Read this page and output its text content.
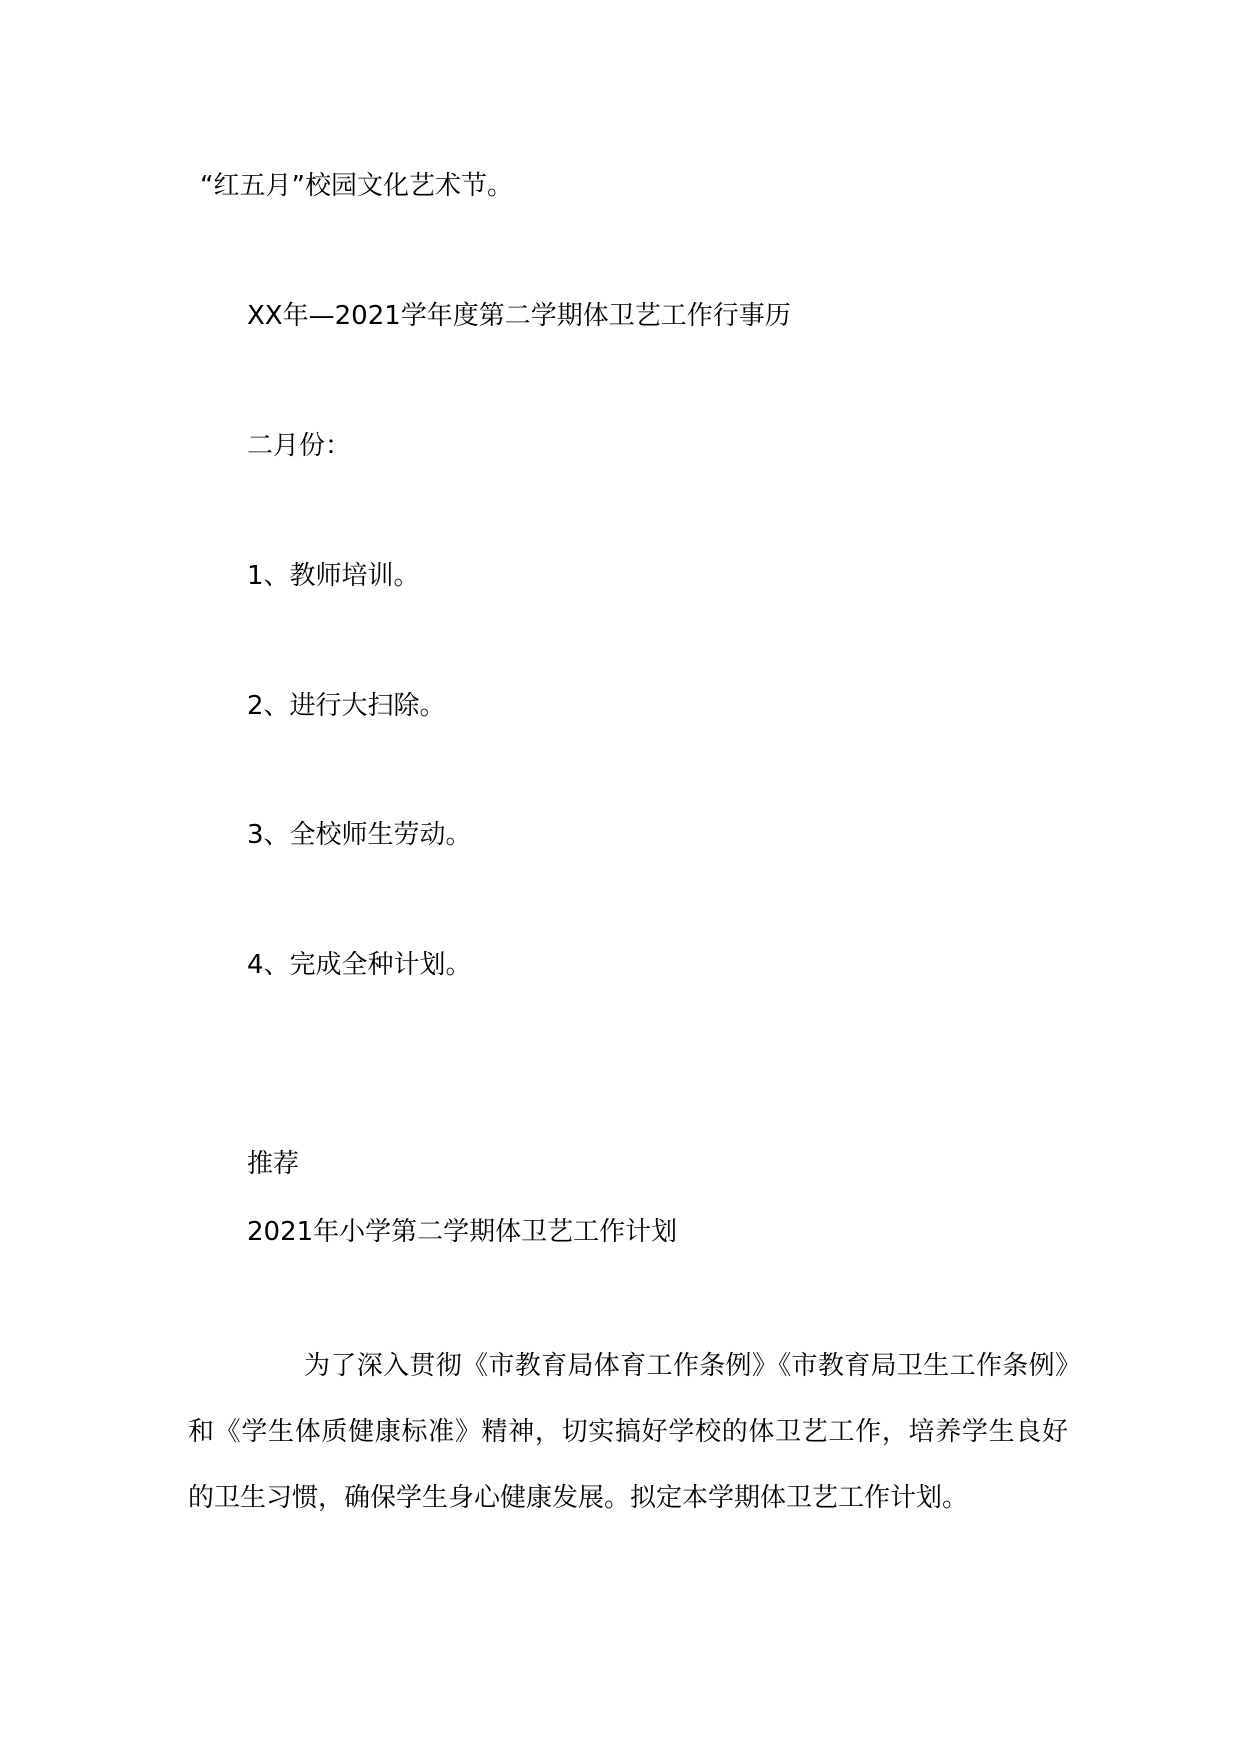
“红五月”校园文化艺术节。

XX年—2021学年度第二学期体卫艺工作行事历

二月份：

1、教师培训。

2、进行大扫除。

3、全校师生劳动。

4、完成全种计划。

推荐

2021年小学第二学期体卫艺工作计划

为了深入贯彻《市教育局体育工作条例》《市教育局卫生工作条例》和《学生体质健康标准》精神，切实搞好学校的体卫艺工作，培养学生良好的卫生习惯，确保学生身心健康发展。拟定本学期体卫艺工作计划。
